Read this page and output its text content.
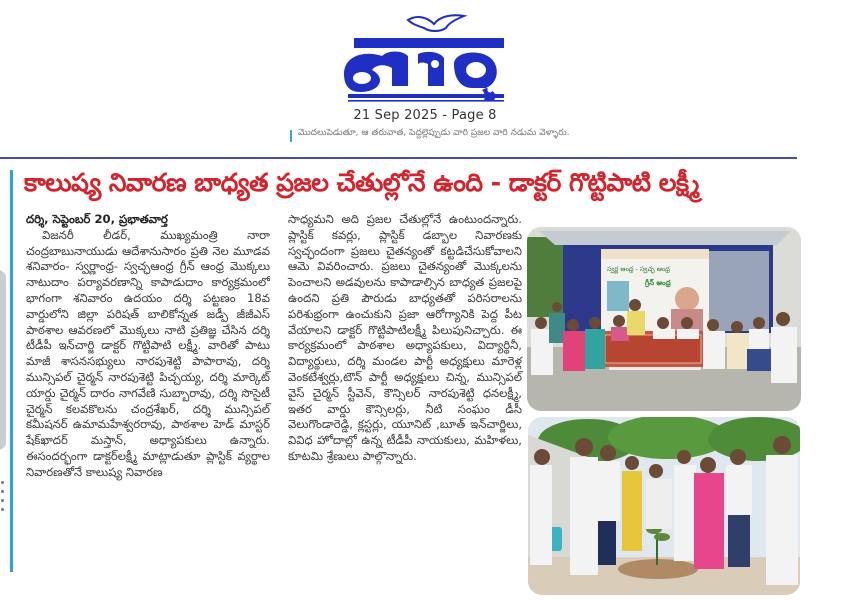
21 Sep 2025 - Page 8
మొదలుపెడుతూ, ఆ తరువాత, పెద్దల్లెప్పుడు వారి ప్రజల వారి నడుమ వెళ్ళారు.
కాలుష్య నివారణ బాధ్యత ప్రజల చేతుల్లోనే ఉంది - డాక్టర్ గొట్టిపాటి లక్ష్మీ

దర్శి, సెప్టెంబర్ 20, ప్రభాతవార్త

విజనరీ లీడర్, ముఖ్యమంత్రి నారా చంద్రబాబునాయుడు ఆదేశానుసారం ప్రతి నెల మూడవ శనివారం- స్వర్ణాంధ్ర- స్వచ్ఛఆంధ్ర గ్రీన్ ఆంధ్ర మొక్కలు నాటుదాం పర్యావరణాన్ని కాపాడుదాం కార్యక్రమంలో భాగంగా శనివారం ఉదయం దర్శి పట్టణం 18వ వార్డులోని జిల్లా పరిషత్ బాలికోన్నత జడ్పీ జీజీఎస్ పాఠశాల ఆవరణలో మొక్కలు నాటి ప్రతిజ్ఞ చేసిన దర్శి టీడీపీ ఇన్‌చార్జి డాక్టర్ గొట్టిపాటి లక్ష్మీ. వారితో పాటు మాజీ శాసనసభ్యులు నారపుశెట్టి పాపారావు, దర్శి మున్సిపల్ చైర్మన్ నారపుశెట్టి పిచ్చయ్య, దర్శి మార్కెట్ యార్డు చైర్మన్ దారం నాగవేణి సుబ్బారావు, దర్శి సొసైటీ చైర్మన్ కలవకొలను చంద్రశేఖర్, దర్శి మున్సిపల్ కమీషనర్ ఉమామహేశ్వరరావు, పాఠశాల హెడ్ మాస్టర్ షేక్‌ఖాదర్ మస్తాన్, అధ్యాపకులు ఉన్నారు. ఈసందర్భంగా డాక్టర్‌లక్ష్మీ మాట్లాడుతూ ప్లాస్టిక్ వ్యర్థాల నివారణతోనే కాలుష్య నివారణ

సాధ్యమని అది ప్రజల చేతుల్లోనే ఉంటుందన్నారు. ప్లాస్టిక్ కవర్లు, ప్లాస్టిక్ డబ్బాల నివారణకు స్వచ్ఛందంగా ప్రజలు చైతన్యంతో కట్టడిచేసుకోవాలని ఆమె వివరించారు. ప్రజలు చైతన్యంతో మొక్కలను పెంచాలని అడవులను కాపాడాల్సిన బాధ్యత ప్రజలపై ఉందని ప్రతి పౌరుడు బాధ్యతతో పరిసరాలను పరిశుభ్రంగా ఉంచుకుని ప్రజా ఆరోగ్యానికి పెద్ద పీట వేయాలని డాక్టర్ గొట్టిపాటిలక్ష్మీ పిలుపునిచ్చారు. ఈ కార్యక్రమంలో పాఠశాల అధ్యాపకులు, విద్యార్థినీ, విద్యార్థులు, దర్శి మండల పార్టీ అధ్యక్షులు మారెళ్ల వెంకటేశ్వర్లు,టౌన్ పార్టీ అధ్యక్షులు చిన్న, మున్సిపల్ వైస్ చైర్మన్ స్టీవెన్, కౌన్సిలర్ నారపుశెట్టి ధనలక్ష్మీ, ఇతర వార్డు కౌన్సిలర్లు, నీటి సంఘం డీసీ వెలుగొండారెడ్డి, క్లస్టర్లు, యూనిట్ ,బూత్ ఇన్‌చార్జిలు, వివిధ హోదాల్లో ఉన్న టీడీపీ నాయకులు, మహిళలు, కూటమి శ్రేణులు పాల్గొన్నారు.

స్వర్ణ ఆంధ్ర - స్వచ్ఛ ఆంధ్ర
గ్రీన్ ఆంధ్ర
